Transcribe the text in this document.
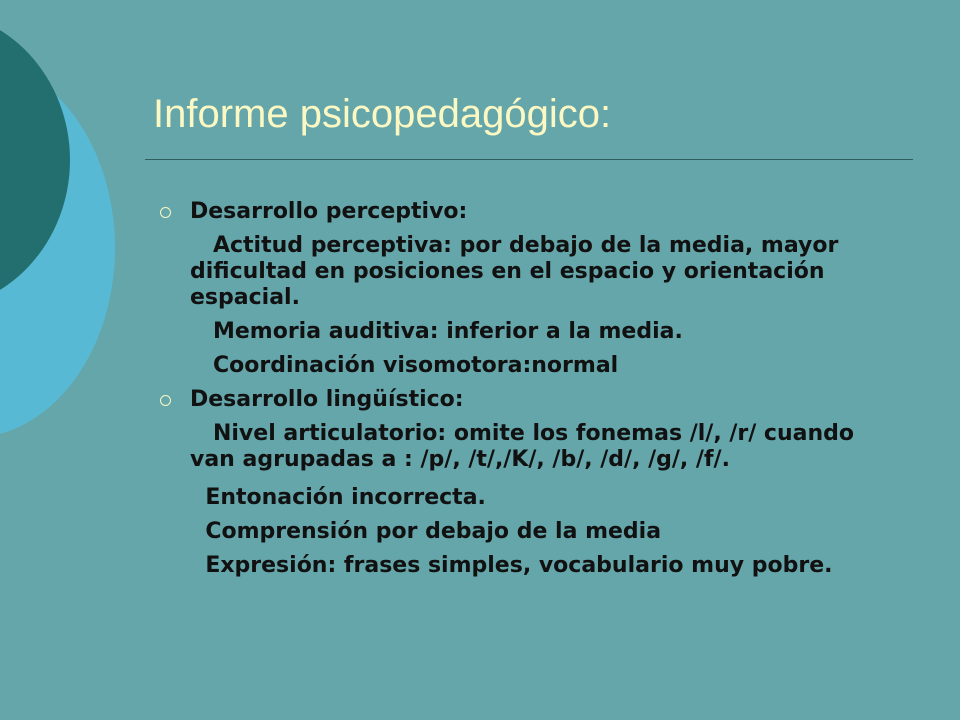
Informe psicopedagógico:

Desarrollo perceptivo:

Actitud perceptiva: por debajo de la media, mayor dificultad en posiciones en el espacio y orientación espacial.

Memoria auditiva: inferior a la media.

Coordinación visomotora:normal

Desarrollo lingüístico:

Nivel articulatorio: omite los fonemas /l/, /r/ cuando van agrupadas a : /p/, /t/,/K/, /b/, /d/, /g/, /f/.

Entonación incorrecta.

Comprensión por debajo de la media

Expresión: frases simples, vocabulario muy pobre.
